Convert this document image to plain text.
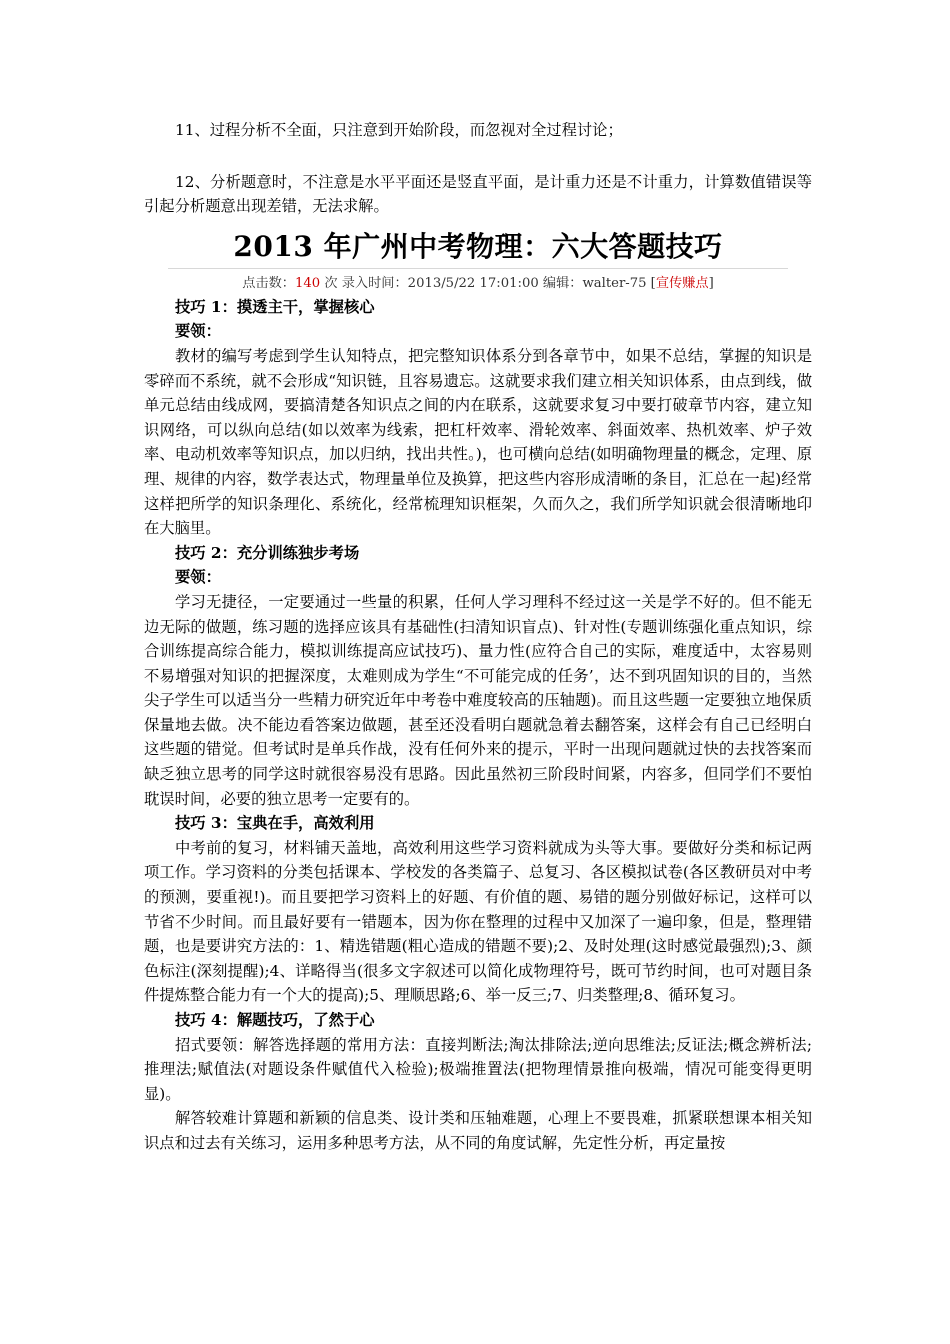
11、过程分析不全面，只注意到开始阶段，而忽视对全过程讨论；

12、分析题意时，不注意是水平平面还是竖直平面，是计重力还是不计重力，计算数值错误等引起分析题意出现差错，无法求解。

2013 年广州中考物理：六大答题技巧

点击数：140 次 录入时间：2013/5/22 17:01:00 编辑：walter-75 [宣传赚点]

技巧 1：摸透主干，掌握核心

要领：

教材的编写考虑到学生认知特点，把完整知识体系分到各章节中，如果不总结，掌握的知识是零碎而不系统，就不会形成“知识链，且容易遗忘。这就要求我们建立相关知识体系，由点到线，做单元总结由线成网，要搞清楚各知识点之间的内在联系，这就要求复习中要打破章节内容，建立知识网络，可以纵向总结(如以效率为线索，把杠杆效率、滑轮效率、斜面效率、热机效率、炉子效率、电动机效率等知识点，加以归纳，找出共性。)，也可横向总结(如明确物理量的概念，定理、原理、规律的内容，数学表达式，物理量单位及换算，把这些内容形成清晰的条目，汇总在一起)经常这样把所学的知识条理化、系统化，经常梳理知识框架，久而久之，我们所学知识就会很清晰地印在大脑里。

技巧 2：充分训练独步考场

要领：

学习无捷径，一定要通过一些量的积累，任何人学习理科不经过这一关是学不好的。但不能无边无际的做题，练习题的选择应该具有基础性(扫清知识盲点)、针对性(专题训练强化重点知识，综合训练提高综合能力，模拟训练提高应试技巧)、量力性(应符合自己的实际，难度适中，太容易则不易增强对知识的把握深度，太难则成为学生“不可能完成的任务’，达不到巩固知识的目的，当然尖子学生可以适当分一些精力研究近年中考卷中难度较高的压轴题)。而且这些题一定要独立地保质保量地去做。决不能边看答案边做题，甚至还没看明白题就急着去翻答案，这样会有自己已经明白这些题的错觉。但考试时是单兵作战，没有任何外来的提示，平时一出现问题就过快的去找答案而缺乏独立思考的同学这时就很容易没有思路。因此虽然初三阶段时间紧，内容多，但同学们不要怕耽误时间，必要的独立思考一定要有的。

技巧 3：宝典在手，高效利用

中考前的复习，材料铺天盖地，高效利用这些学习资料就成为头等大事。要做好分类和标记两项工作。学习资料的分类包括课本、学校发的各类篇子、总复习、各区模拟试卷(各区教研员对中考的预测，要重视!)。而且要把学习资料上的好题、有价值的题、易错的题分别做好标记，这样可以节省不少时间。而且最好要有一错题本，因为你在整理的过程中又加深了一遍印象，但是，整理错题，也是要讲究方法的：1、精选错题(粗心造成的错题不要);2、及时处理(这时感觉最强烈);3、颜色标注(深刻提醒);4、详略得当(很多文字叙述可以简化成物理符号，既可节约时间，也可对题目条件提炼整合能力有一个大的提高);5、理顺思路;6、举一反三;7、归类整理;8、循环复习。

技巧 4：解题技巧，了然于心

招式要领：解答选择题的常用方法：直接判断法;淘汰排除法;逆向思维法;反证法;概念辨析法;推理法;赋值法(对题设条件赋值代入检验);极端推置法(把物理情景推向极端，情况可能变得更明显)。

解答较难计算题和新颖的信息类、设计类和压轴难题，心理上不要畏难，抓紧联想课本相关知识点和过去有关练习，运用多种思考方法，从不同的角度试解，先定性分析，再定量按
